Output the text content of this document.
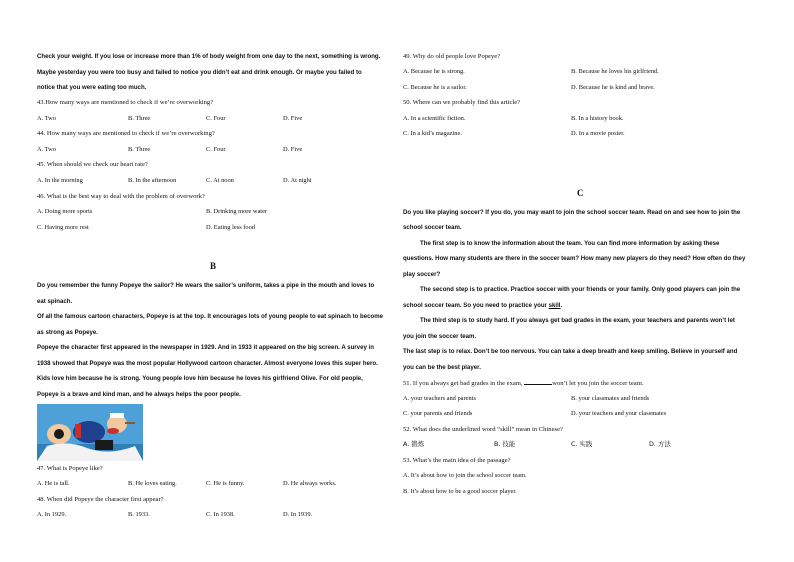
Check your weight. If you lose or increase more than 1% of body weight from one day to the next, something is wrong.
Maybe yesterday you were too busy and failed to notice you didn’t eat and drink enough. Or maybe you failed to
notice that you were eating too much.
43.How many ways are mentioned to check if we’re overworking?
A. Two	B. Three	C. Four	D. Five
44. How many ways are mentioned to check if we’re overworking?
A. Two	B. Three	C. Four	D. Five
45. When should we check our heart rate?
A. In the morning	B. In the afternoon	C. At noon	D. At night
46. What is the best way to deal with the problem of overwork?
A. Doing more sports	B. Drinking more water
C. Having more rest	D. Eating less food
B
Do you remember the funny Popeye the sailor? He wears the sailor’s uniform, takes a pipe in the mouth and loves to
eat spinach.
Of all the famous cartoon characters, Popeye is at the top. It encourages lots of young people to eat spinach to become
as strong as Popeye.
Popeye the character first appeared in the newspaper in 1929. And in 1933 it appeared on the big screen. A survey in
1938 showed that Popeye was the most popular Hollywood cartoon character. Almost everyone loves this super hero.
Kids love him because he is strong. Young people love him because he loves his girlfriend Olive. For old people,
Popeye is a brave and kind man, and he always helps the poor people.
47. What is Popeye like?
A. He is tall.	B. He loves eating.	C. He is funny.	D. He always works.
48. When did Popeye the character first appear?
A. In 1929.	B. 1933.	C. In 1938.	D. In 1939.
49. Why do old people love Popeye?
A. Because he is strong.	B. Because he loves his girlfriend.
C. Because he is a sailor.	D. Because he is kind and brave.
50. Where can we probably find this article?
A. In a scientific fiction.	B. In a history book.
C. In a kid’s magazine.	D. In a movie poster.
C
Do you like playing soccer? If you do, you may want to join the school soccer team. Read on and see how to join the
school soccer team.
The first step is to know the information about the team. You can find more information by asking these
questions. How many students are there in the soccer team? How many new players do they need? How often do they
play soccer?
The second step is to practice. Practice soccer with your friends or your family. Only good players can join the
school soccer team. So you need to practice your skill.
The third step is to study hard. If you always get bad grades in the exam, your teachers and parents won’t let
you join the soccer team.
The last step is to relax. Don’t be too nervous. You can take a deep breath and keep smiling. Believe in yourself and
you can be the best player.
51. If you always get bad grades in the exam,	won’t let you join the soccer team.
A. your teachers and parents	B. your classmates and friends
C. your parents and friends	D. your teachers and your classmates
52. What does the underlined word “skill” mean in Chinese?
A. 锻炼	B. 技能	C. 实践	D. 方法
53. What’s the main idea of the passage?
A. It’s about how to join the school soccer team.
B. It’s about how to be a good soccer player.
